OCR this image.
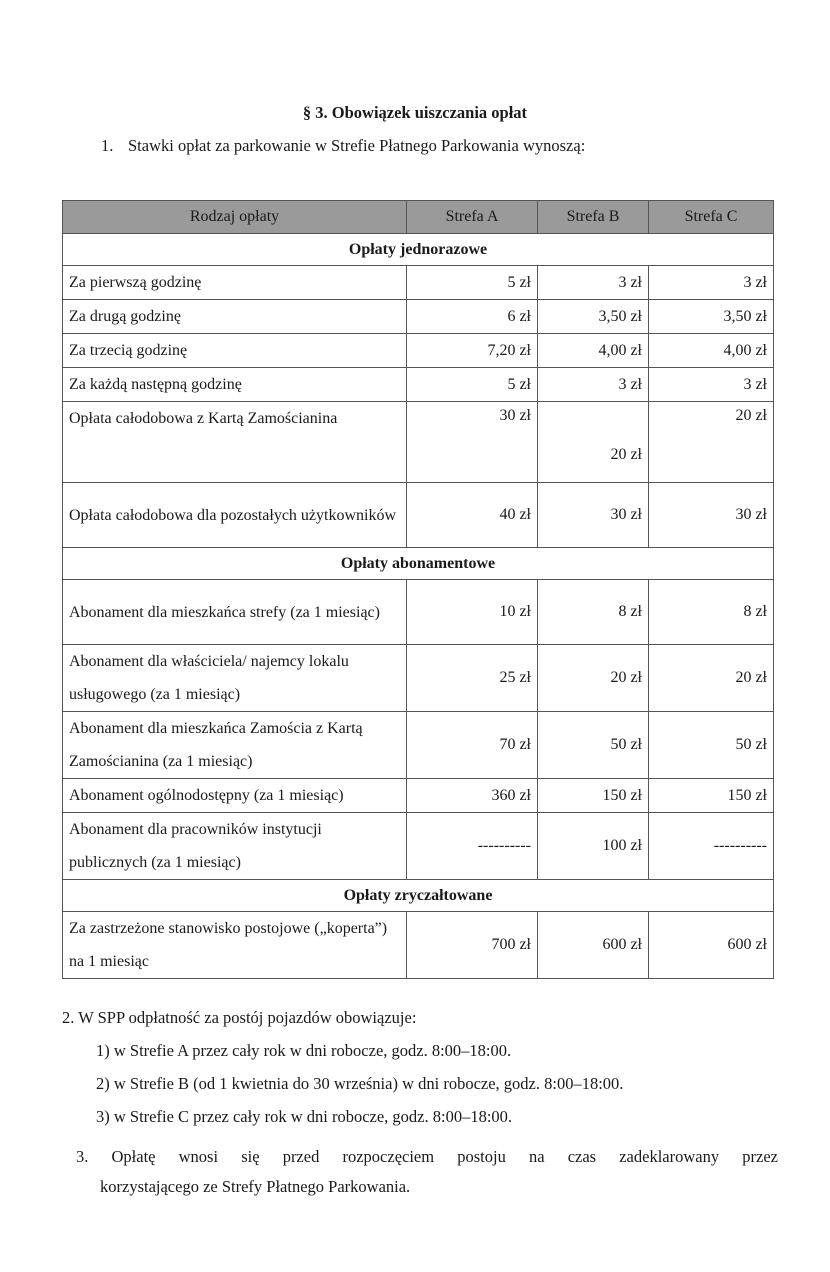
§ 3. Obowiązek uiszczania opłat
1. Stawki opłat za parkowanie w Strefie Płatnego Parkowania wynoszą:
Rodzaj opłaty	Strefa A	Strefa B	Strefa C
Opłaty jednorazowe			
Za pierwszą godzinę	5 zł	3 zł	3 zł
Za drugą godzinę	6 zł	3,50 zł	3,50 zł
Za trzecią godzinę	7,20 zł	4,00 zł	4,00 zł
Za każdą następną godzinę	5 zł	3 zł	3 zł
Opłata całodobowa z Kartą Zamościanina	30 zł	20 zł	20 zł
Opłata całodobowa dla pozostałych użytkowników	40 zł	30 zł	30 zł
Opłaty abonamentowe			
Abonament dla mieszkańca strefy (za 1 miesiąc)	10 zł	8 zł	8 zł
Abonament dla właściciela/ najemcy lokalu usługowego (za 1 miesiąc)	25 zł	20 zł	20 zł
Abonament dla mieszkańca Zamościa z Kartą Zamościanina (za 1 miesiąc)	70 zł	50 zł	50 zł
Abonament ogólnodostępny (za 1 miesiąc)	360 zł	150 zł	150 zł
Abonament dla pracowników instytucji publicznych (za 1 miesiąc)	----------	100 zł	----------
Opłaty zryczałtowane			
Za zastrzeżone stanowisko postojowe („koperta”) na 1 miesiąc	700 zł	600 zł	600 zł
2. W SPP odpłatność za postój pojazdów obowiązuje:
1) w Strefie A przez cały rok w dni robocze, godz. 8:00–18:00.
2) w Strefie B (od 1 kwietnia do 30 września) w dni robocze, godz. 8:00–18:00.
3) w Strefie C przez cały rok w dni robocze, godz. 8:00–18:00.
3. Opłatę wnosi się przed rozpoczęciem postoju na czas zadeklarowany przez
korzystającego ze Strefy Płatnego Parkowania.
